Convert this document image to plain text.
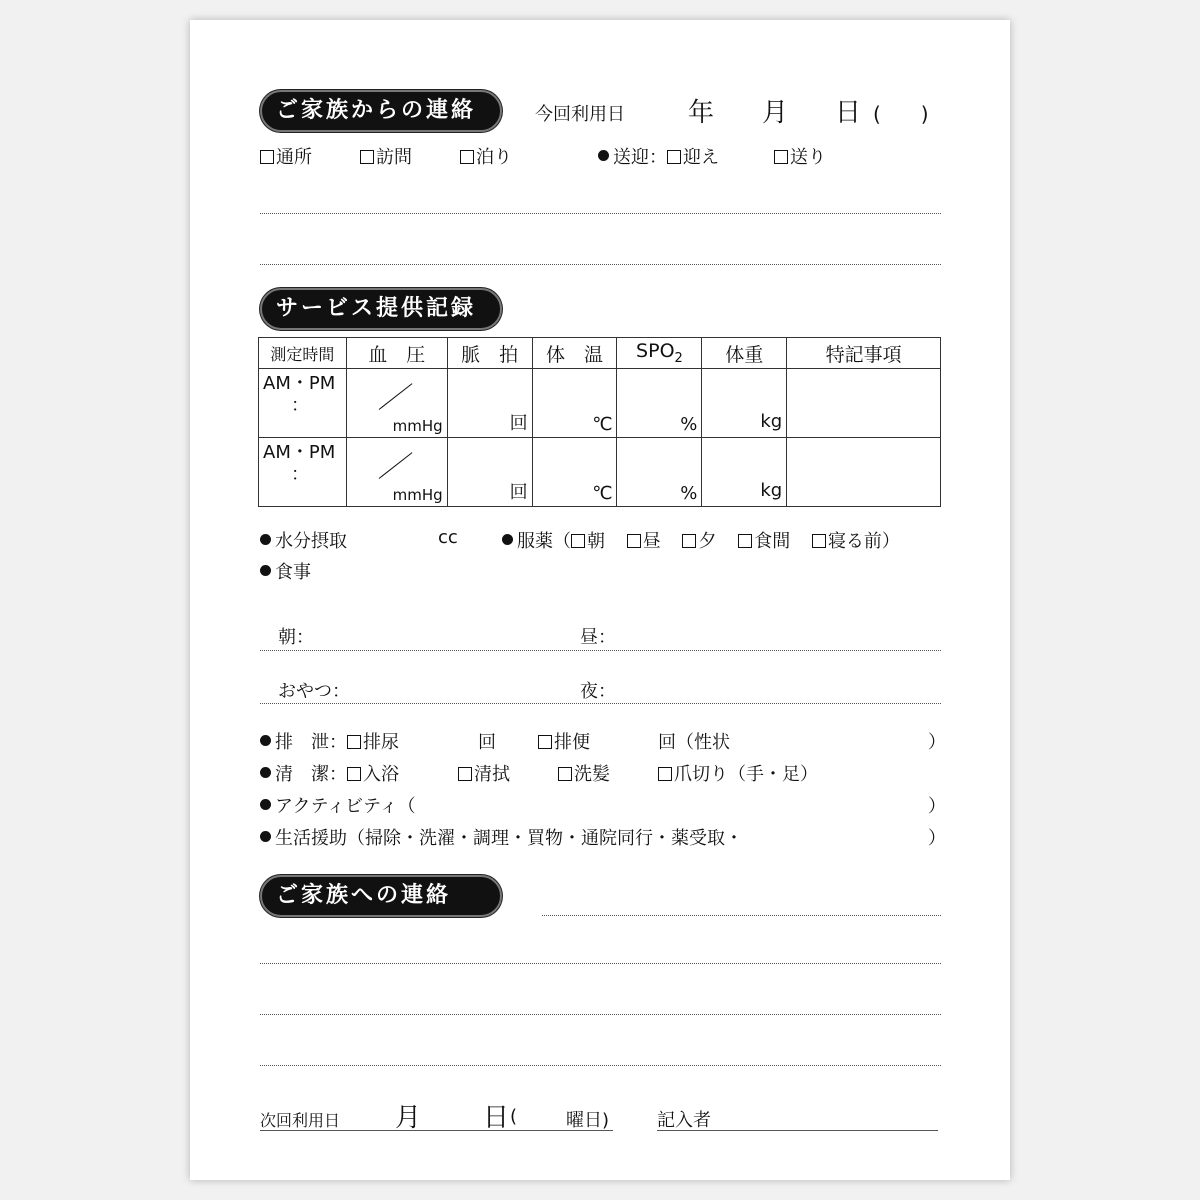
ご家族からの連絡	今回利用日 年 月 日 (　　)
通所	訪問	泊り	送迎： 迎え	送り
サービス提供記録
測定時間	血　圧	脈　拍	体　温	$SPO_2$	体重	特記事項

AM・PM
：	mmHg	回	℃	%	kg	

AM・PM
：	mmHg	回	℃	%	kg	

水分摂取	cc	服薬（ 朝 昼 夕 食間 寝る前）
食事
朝：	昼：
おやつ：	夜：
排　泄： 排尿	回	排便	回（性状	）
清　潔： 入浴	清拭	洗髪	爪切り（手・足）
アクティビティ（	）
生活援助（掃除・洗濯・調理・買物・通院同行・薬受取・	）
ご家族への連絡
次回利用日 月 日 (	曜日)	記入者
